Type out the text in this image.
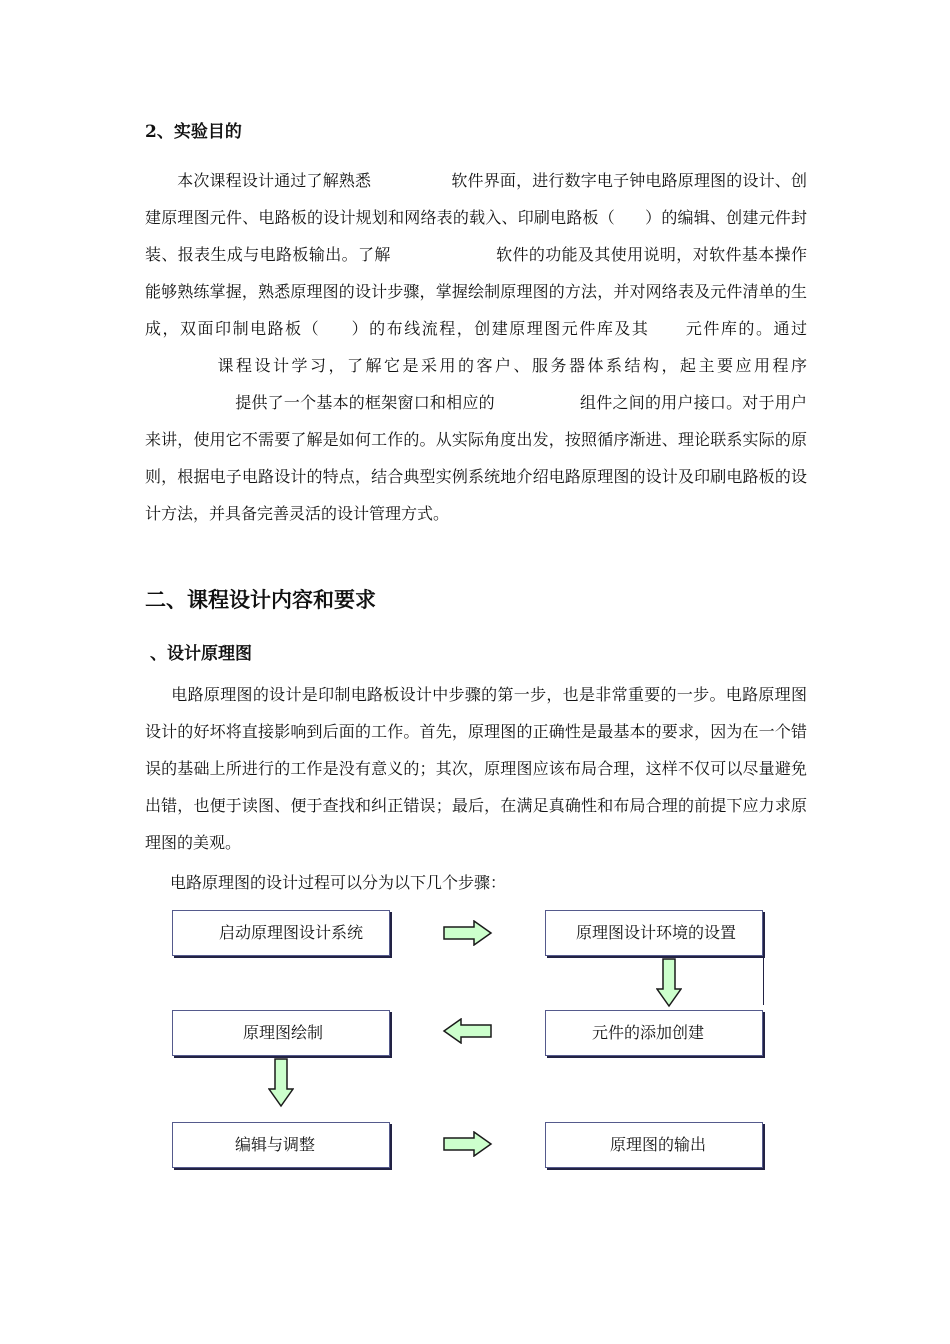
2、实验目的

本次课程设计通过了解熟悉	软件界面，进行数字电子钟电路原理图的设计、创建原理图元件、电路板的设计规划和网络表的载入、印刷电路板（ ）的编辑、创建元件封装、报表生成与电路板输出。了解	软件的功能及其使用说明，对软件基本操作能够熟练掌握，熟悉原理图的设计步骤，掌握绘制原理图的方法，并对网络表及元件清单的生成，双面印制电路板（ ）的布线流程，创建原理图元件库及其 元件库的。通过课程设计学习，了解它是采用的客户、服务器体系结构，起主要应用程序提供了一个基本的框架窗口和相应的	组件之间的用户接口。对于用户来讲，使用它不需要了解是如何工作的。从实际角度出发，按照循序渐进、理论联系实际的原则，根据电子电路设计的特点，结合典型实例系统地介绍电路原理图的设计及印刷电路板的设计方法，并具备完善灵活的设计管理方式。

二、课程设计内容和要求
、设计原理图

电路原理图的设计是印制电路板设计中步骤的第一步，也是非常重要的一步。电路原理图设计的好坏将直接影响到后面的工作。首先，原理图的正确性是最基本的要求，因为在一个错误的基础上所进行的工作是没有意义的；其次，原理图应该布局合理，这样不仅可以尽量避免出错，也便于读图、便于查找和纠正错误；最后，在满足真确性和布局合理的前提下应力求原理图的美观。

电路原理图的设计过程可以分为以下几个步骤：

启动原理图设计系统	原理图设计环境的设置
元件的添加创建
原理图绘制
编辑与调整	原理图的输出
